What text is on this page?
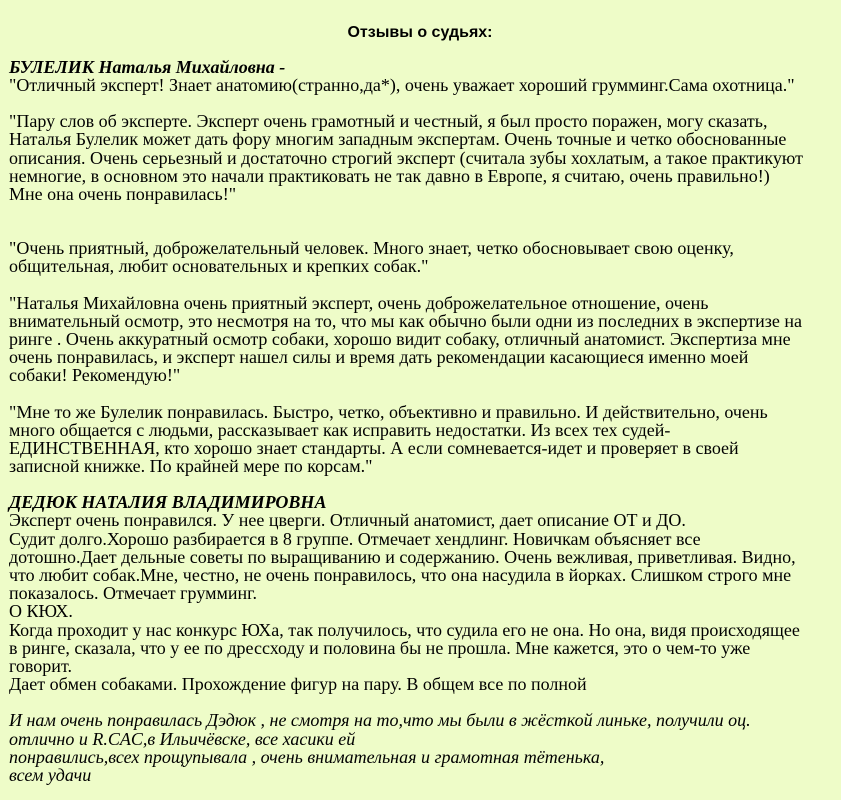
Отзывы о судьях:

БУЛЕЛИК Наталья Михайловна -

"Отличный эксперт! Знает анатомию(странно,да*), очень уважает хороший грумминг.Сама охотница."

"Пару слов об эксперте. Эксперт очень грамотный и честный, я был просто поражен, могу сказать,
Наталья Булелик может дать фору многим западным экспертам. Очень точные и четко обоснованные
описания. Очень серьезный и достаточно строгий эксперт (считала зубы хохлатым, а такое практикуют
немногие, в основном это начали практиковать не так давно в Европе, я считаю, очень правильно!)
Мне она очень понравилась!"

"Очень приятный, доброжелательный человек. Много знает, четко обосновывает свою оценку,
общительная, любит основательных и крепких собак."

"Наталья Михайловна очень приятный эксперт, очень доброжелательное отношение, очень
внимательный осмотр, это несмотря на то, что мы как обычно были одни из последних в экспертизе на
ринге . Очень аккуратный осмотр собаки, хорошо видит собаку, отличный анатомист. Экспертиза мне
очень понравилась, и эксперт нашел силы и время дать рекомендации касающиеся именно моей
собаки! Рекомендую!"

"Мне то же Булелик понравилась. Быстро, четко, объективно и правильно. И действительно, очень
много общается с людьми, рассказывает как исправить недостатки. Из всех тех судей-
ЕДИНСТВЕННАЯ, кто хорошо знает стандарты. А если сомневается-идет и проверяет в своей
записной книжке. По крайней мере по корсам."

ДЕДЮК НАТАЛИЯ ВЛАДИМИРОВНА

Эксперт очень понравился. У нее цверги. Отличный анатомист, дает описание ОТ и ДО.
Судит долго.Хорошо разбирается в 8 группе. Отмечает хендлинг. Новичкам объясняет все
дотошно.Дает дельные советы по выращиванию и содержанию. Очень вежливая, приветливая. Видно,
что любит собак.Мне, честно, не очень понравилось, что она насудила в йорках. Слишком строго мне
показалось. Отмечает грумминг.
О КЮХ.
Когда проходит у нас конкурс ЮХа, так получилось, что судила его не она. Но она, видя происходящее
в ринге, сказала, что у ее по дрессходу и половина бы не прошла. Мне кажется, это о чем-то уже
говорит.
Дает обмен собаками. Прохождение фигур на пару. В общем все по полной

И нам очень понравилась Дэдюк , не смотря на то,что мы были в жёсткой линьке, получили оц.
отлично и R.CAC,в Ильичёвске, все хасики ей
понравились,всех прощупывала , очень внимательная и грамотная тётенька,
всем удачи
